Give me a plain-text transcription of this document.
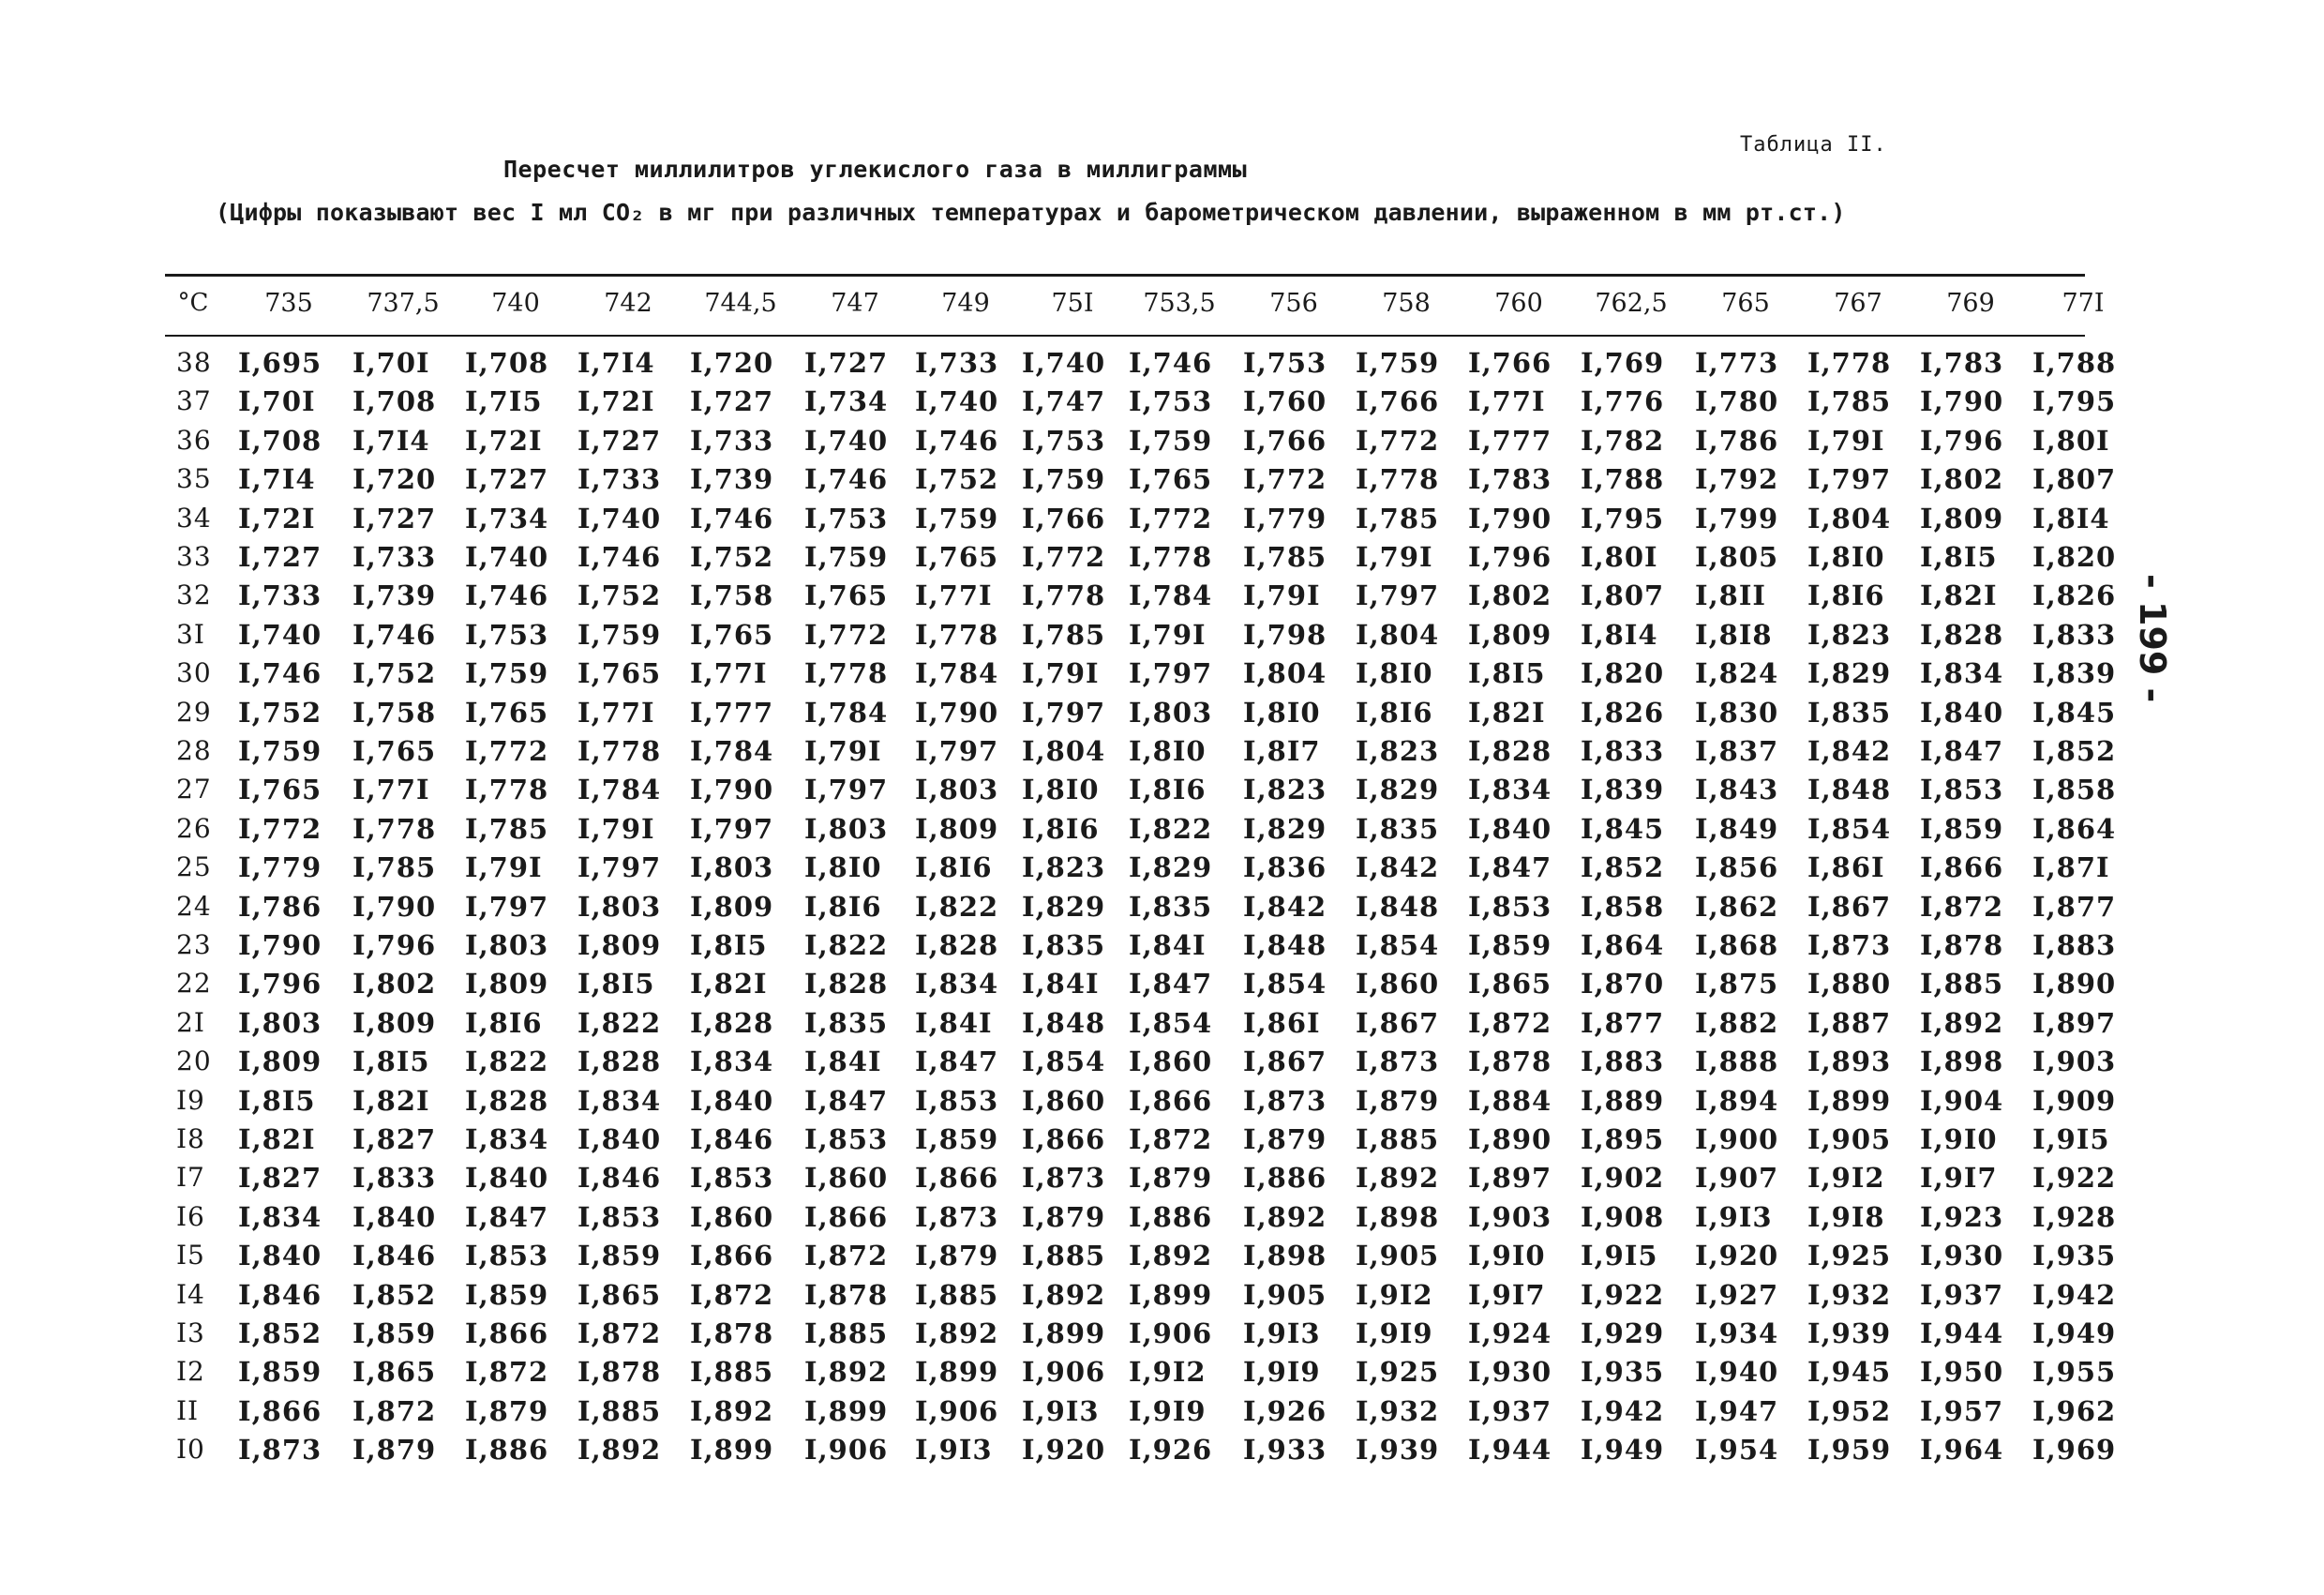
Таблица II.
Пересчет миллилитров углекислого газа в миллиграммы
(Цифры показывают вес I мл CO₂ в мг при различных температурах и барометрическом давлении, выраженном в мм рт.ст.)
°C	735	737,5	740	742	744,5	747	749	75I	753,5	756	758	760	762,5	765	767	769	77I
38 I,695 I,70I I,708 I,7I4 I,720 I,727 I,733 I,740 I,746 I,753 I,759 I,766 I,769 I,773 I,778 I,783 I,788
37 I,70I I,708 I,7I5 I,72I I,727 I,734 I,740 I,747 I,753 I,760 I,766 I,77I I,776 I,780 I,785 I,790 I,795
36 I,708 I,7I4 I,72I I,727 I,733 I,740 I,746 I,753 I,759 I,766 I,772 I,777 I,782 I,786 I,79I I,796 I,80I
35 I,7I4 I,720 I,727 I,733 I,739 I,746 I,752 I,759 I,765 I,772 I,778 I,783 I,788 I,792 I,797 I,802 I,807
34 I,72I I,727 I,734 I,740 I,746 I,753 I,759 I,766 I,772 I,779 I,785 I,790 I,795 I,799 I,804 I,809 I,8I4
33 I,727 I,733 I,740 I,746 I,752 I,759 I,765 I,772 I,778 I,785 I,79I I,796 I,80I I,805 I,8I0 I,8I5 I,820
32 I,733 I,739 I,746 I,752 I,758 I,765 I,77I I,778 I,784 I,79I I,797 I,802 I,807 I,8II I,8I6 I,82I I,826
3I I,740 I,746 I,753 I,759 I,765 I,772 I,778 I,785 I,79I I,798 I,804 I,809 I,8I4 I,8I8 I,823 I,828 I,833
30 I,746 I,752 I,759 I,765 I,77I I,778 I,784 I,79I I,797 I,804 I,8I0 I,8I5 I,820 I,824 I,829 I,834 I,839
29 I,752 I,758 I,765 I,77I I,777 I,784 I,790 I,797 I,803 I,8I0 I,8I6 I,82I I,826 I,830 I,835 I,840 I,845
28 I,759 I,765 I,772 I,778 I,784 I,79I I,797 I,804 I,8I0 I,8I7 I,823 I,828 I,833 I,837 I,842 I,847 I,852
27 I,765 I,77I I,778 I,784 I,790 I,797 I,803 I,8I0 I,8I6 I,823 I,829 I,834 I,839 I,843 I,848 I,853 I,858
26 I,772 I,778 I,785 I,79I I,797 I,803 I,809 I,8I6 I,822 I,829 I,835 I,840 I,845 I,849 I,854 I,859 I,864
25 I,779 I,785 I,79I I,797 I,803 I,8I0 I,8I6 I,823 I,829 I,836 I,842 I,847 I,852 I,856 I,86I I,866 I,87I
24 I,786 I,790 I,797 I,803 I,809 I,8I6 I,822 I,829 I,835 I,842 I,848 I,853 I,858 I,862 I,867 I,872 I,877
23 I,790 I,796 I,803 I,809 I,8I5 I,822 I,828 I,835 I,84I I,848 I,854 I,859 I,864 I,868 I,873 I,878 I,883
22 I,796 I,802 I,809 I,8I5 I,82I I,828 I,834 I,84I I,847 I,854 I,860 I,865 I,870 I,875 I,880 I,885 I,890
2I I,803 I,809 I,8I6 I,822 I,828 I,835 I,84I I,848 I,854 I,86I I,867 I,872 I,877 I,882 I,887 I,892 I,897
20 I,809 I,8I5 I,822 I,828 I,834 I,84I I,847 I,854 I,860 I,867 I,873 I,878 I,883 I,888 I,893 I,898 I,903
I9 I,8I5 I,82I I,828 I,834 I,840 I,847 I,853 I,860 I,866 I,873 I,879 I,884 I,889 I,894 I,899 I,904 I,909
I8 I,82I I,827 I,834 I,840 I,846 I,853 I,859 I,866 I,872 I,879 I,885 I,890 I,895 I,900 I,905 I,9I0 I,9I5
I7 I,827 I,833 I,840 I,846 I,853 I,860 I,866 I,873 I,879 I,886 I,892 I,897 I,902 I,907 I,9I2 I,9I7 I,922
I6 I,834 I,840 I,847 I,853 I,860 I,866 I,873 I,879 I,886 I,892 I,898 I,903 I,908 I,9I3 I,9I8 I,923 I,928
I5 I,840 I,846 I,853 I,859 I,866 I,872 I,879 I,885 I,892 I,898 I,905 I,9I0 I,9I5 I,920 I,925 I,930 I,935
I4 I,846 I,852 I,859 I,865 I,872 I,878 I,885 I,892 I,899 I,905 I,9I2 I,9I7 I,922 I,927 I,932 I,937 I,942
I3 I,852 I,859 I,866 I,872 I,878 I,885 I,892 I,899 I,906 I,9I3 I,9I9 I,924 I,929 I,934 I,939 I,944 I,949
I2 I,859 I,865 I,872 I,878 I,885 I,892 I,899 I,906 I,9I2 I,9I9 I,925 I,930 I,935 I,940 I,945 I,950 I,955
II I,866 I,872 I,879 I,885 I,892 I,899 I,906 I,9I3 I,9I9 I,926 I,932 I,937 I,942 I,947 I,952 I,957 I,962
I0 I,873 I,879 I,886 I,892 I,899 I,906 I,9I3 I,920 I,926 I,933 I,939 I,944 I,949 I,954 I,959 I,964 I,969
- 199 -
